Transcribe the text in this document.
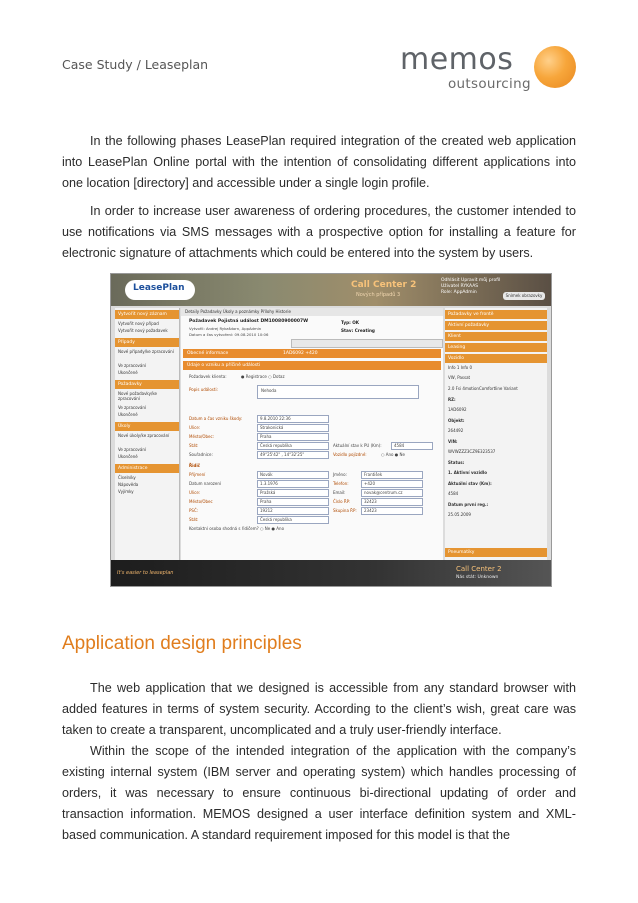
Case Study / Leaseplan	memos
outsourcing
In the following phases LeasePlan required integration of the created web application into LeasePlan Online portal with the intention of consolidating different applications into one location [directory] and accessible under a single login profile.
In order to increase user awareness of ordering procedures, the customer intended to use notifications via SMS messages with a prospective option for installing a feature for electronic signature of attachments which could be entered into the system by users.
LeasePlan	Call Center 2
Nových případů 3
Odhlásit Upravit můj profil
Uživatel RYKAAS
Role: AppAdmin
Snímek obrazovky
Vytvořit nový záznam
Vytvořit nový případ
Vytvořit nový požadavek
Případy
Nové případy/ke zpracování
Ve zpracování
Ukončené
Požadavky
Nové požadavky/ke zpracování
Ve zpracování
Ukončené
Úkoly
Nové úkoly/ke zpracování
Ve zpracování
Ukončené
Administrace
Číselníky
Nápověda
Vyjímky
Detaily Požadavky Úkoly a poznámky Přílohy Historie
Požadavek Pojistná událost DM10080900007W
Vytvořil: Andrej Rykašdorn, AppAdmin
Datum a čas vytvoření: 09.08.2010 10:06
Typ: OK
Stav: Creating
Obecné informace	1AD6092 +420
Údaje o vzniku a příčině události
Požadavek klienta:	● Registrace ○ Dotaz
Popis události:	Nehoda
Datum a čas vzniku škody:	9.8.2010 22:36
Ulice:	Strakonická
Město/Obec:	Praha
Stát:	Česká republika
Souřadnice:	49°25'42" , 14°32'25"
Aktuální stav k PU (Km):	4584
Vozidlo pojízdné:	○ Ano ● Ne
Řidič
Příjmení	Novák	Jméno:	František
Datum narození	1.3.1976	Telefon:	+420
Ulice:	Pražská	Email:	novak@centrum.cz
Město/Obec	Praha	Číslo ŘP:	32423
PSČ:	19212	Skupina ŘP: 23423
Stát:	Česká republika
Kontaktní osoba shodná s řidičem? ○ Ne ● Ano
Požadavky ve frontě
Aktivní požadavky
Klient
Leasing
Vozidlo
Info 1 Info 0
VW, Passat
2.0 Fsi 4motionComfortline Variant
RZ:
1AD6092
Objekt:
264492
VIN:
WVWZZZ3CZ9E323537
Status:
1. Aktivní vozidlo
Aktuální stav (Km):
4584
Datum první reg.:
25.05.2009
Pneumatiky
It's easier to leaseplan	Call Center 2
Nás stát: Unknown
Application design principles
The web application that we designed is accessible from any standard browser with added features in terms of system security. According to the client’s wish, great care was taken to create a transparent, uncomplicated and a truly user-friendly interface.
Within the scope of the intended integration of the application with the company’s existing internal system (IBM server and operating system) which handles processing of orders, it was necessary to ensure continuous bi-directional updating of order and transaction information. MEMOS designed a user interface definition system and XML-based communication. A standard requirement imposed for this model is that the
